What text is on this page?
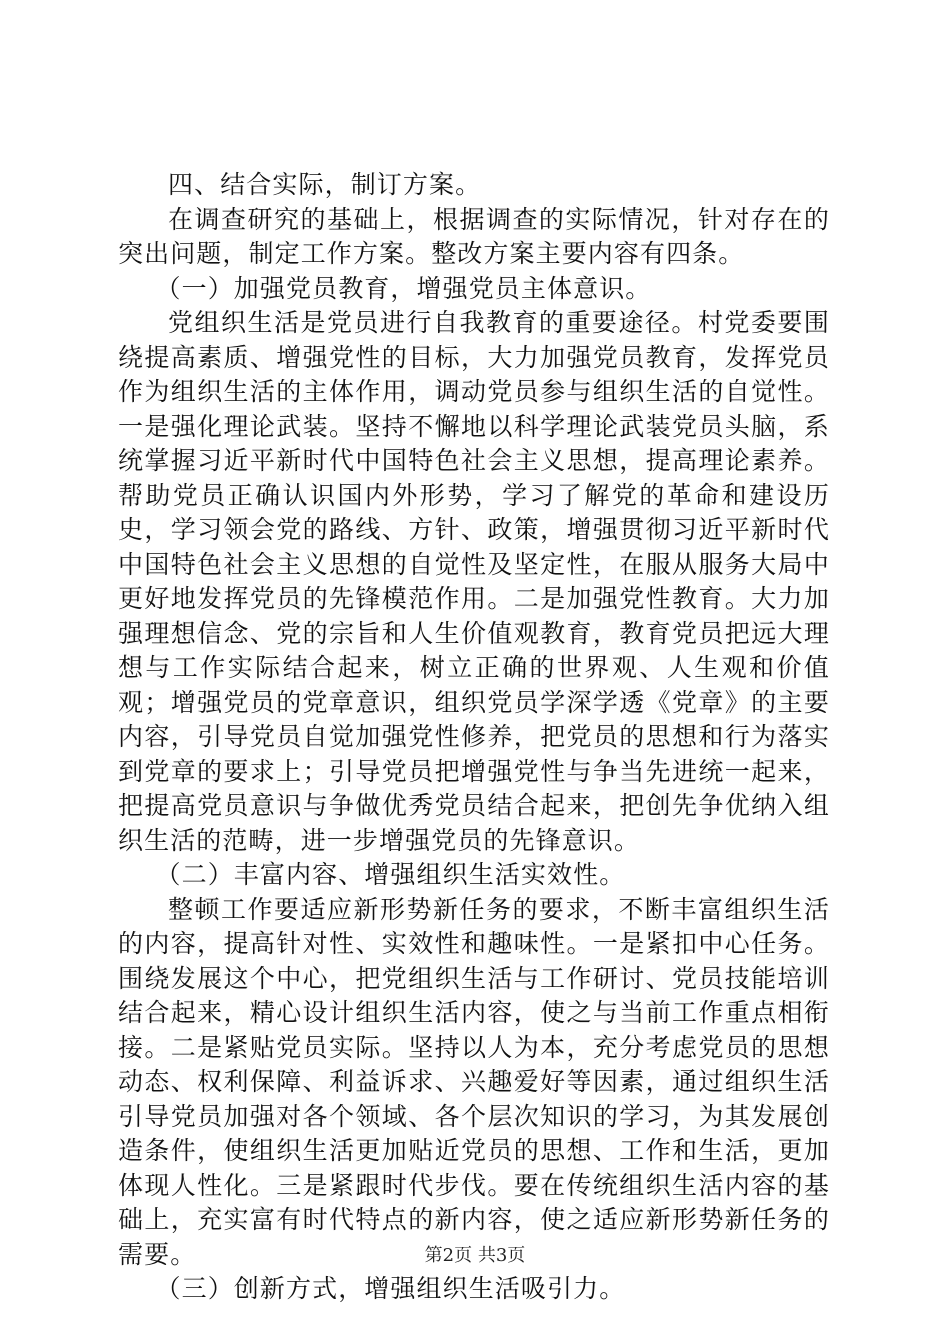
四、结合实际，制订方案。

在调查研究的基础上，根据调查的实际情况，针对存在的突出问题，制定工作方案。整改方案主要内容有四条。

（一）加强党员教育，增强党员主体意识。

党组织生活是党员进行自我教育的重要途径。村党委要围绕提高素质、增强党性的目标，大力加强党员教育，发挥党员作为组织生活的主体作用，调动党员参与组织生活的自觉性。一是强化理论武装。坚持不懈地以科学理论武装党员头脑，系统掌握习近平新时代中国特色社会主义思想，提高理论素养。帮助党员正确认识国内外形势，学习了解党的革命和建设历史，学习领会党的路线、方针、政策，增强贯彻习近平新时代中国特色社会主义思想的自觉性及坚定性，在服从服务大局中更好地发挥党员的先锋模范作用。二是加强党性教育。大力加强理想信念、党的宗旨和人生价值观教育，教育党员把远大理想与工作实际结合起来，树立正确的世界观、人生观和价值观；增强党员的党章意识，组织党员学深学透《党章》的主要内容，引导党员自觉加强党性修养，把党员的思想和行为落实到党章的要求上；引导党员把增强党性与争当先进统一起来，把提高党员意识与争做优秀党员结合起来，把创先争优纳入组织生活的范畴，进一步增强党员的先锋意识。

（二）丰富内容、增强组织生活实效性。

整顿工作要适应新形势新任务的要求，不断丰富组织生活的内容，提高针对性、实效性和趣味性。一是紧扣中心任务。围绕发展这个中心，把党组织生活与工作研讨、党员技能培训结合起来，精心设计组织生活内容，使之与当前工作重点相衔接。二是紧贴党员实际。坚持以人为本，充分考虑党员的思想动态、权利保障、利益诉求、兴趣爱好等因素，通过组织生活引导党员加强对各个领域、各个层次知识的学习，为其发展创造条件，使组织生活更加贴近党员的思想、工作和生活，更加体现人性化。三是紧跟时代步伐。要在传统组织生活内容的基础上，充实富有时代特点的新内容，使之适应新形势新任务的需要。

（三）创新方式，增强组织生活吸引力。

第2页 共3页
